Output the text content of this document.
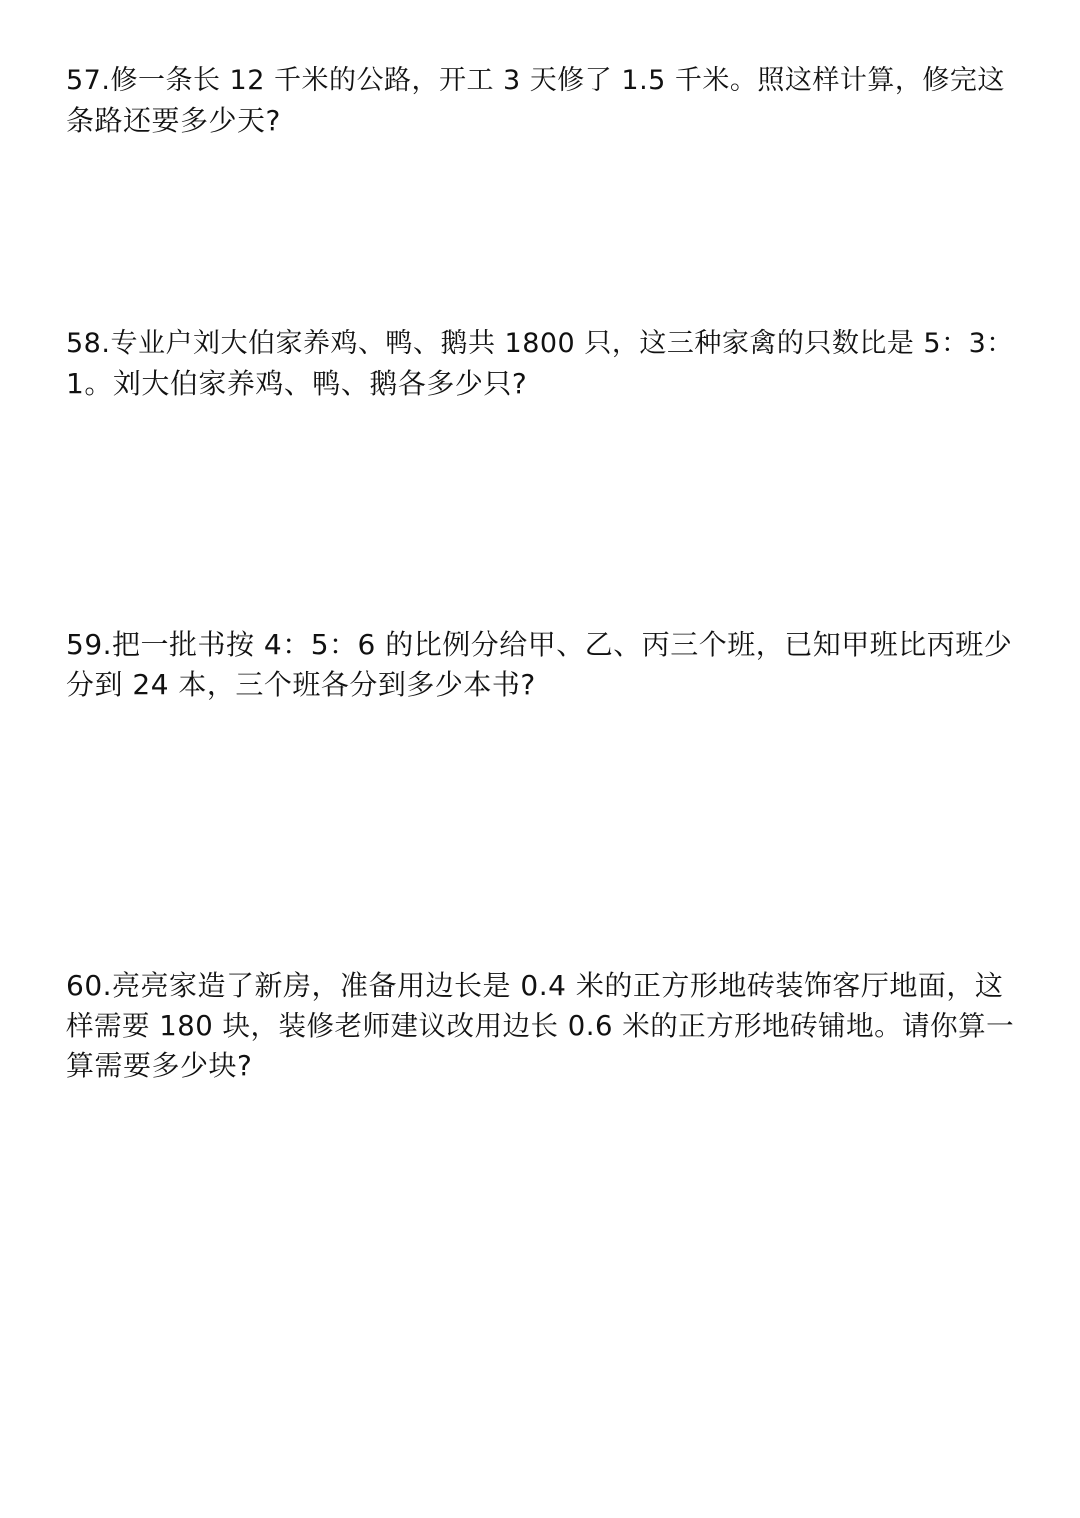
57.修一条长 12 千米的公路，开工 3 天修了 1.5 千米。照这样计算，修完这
条路还要多少天?
58.专业户刘大伯家养鸡、鸭、鹅共 1800 只，这三种家禽的只数比是 5：3：
1。刘大伯家养鸡、鸭、鹅各多少只?
59.把一批书按 4：5：6 的比例分给甲、乙、丙三个班，已知甲班比丙班少
分到 24 本，三个班各分到多少本书?
60.亮亮家造了新房，准备用边长是 0.4 米的正方形地砖装饰客厅地面，这
样需要 180 块，装修老师建议改用边长 0.6 米的正方形地砖铺地。请你算一
算需要多少块?
